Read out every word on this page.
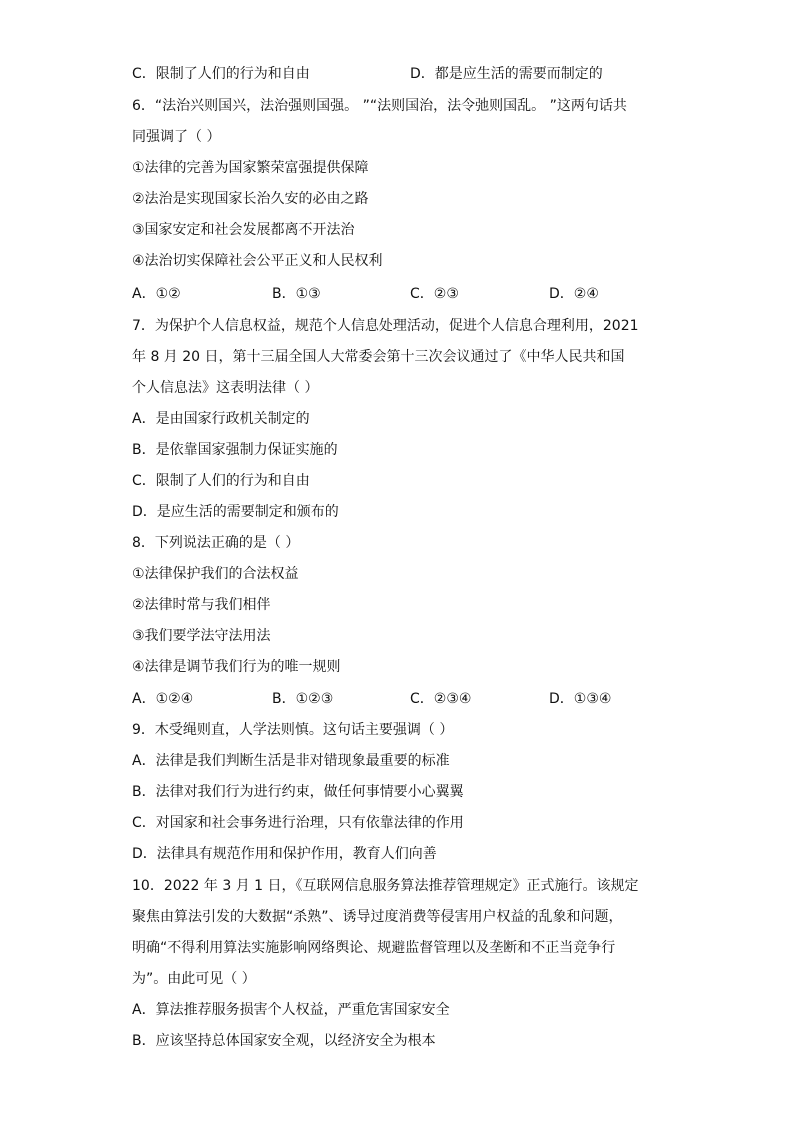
C．限制了人们的行为和自由	D．都是应生活的需要而制定的
6．“法治兴则国兴，法治强则国强。 ”“法则国治，法令弛则国乱。 ”这两句话共
同强调了（ ）
①法律的完善为国家繁荣富强提供保障
②法治是实现国家长治久安的必由之路
③国家安定和社会发展都离不开法治
④法治切实保障社会公平正义和人民权利
A．①②	B．①③	C．②③	D．②④
7．为保护个人信息权益，规范个人信息处理活动，促进个人信息合理利用，2021
年 8 月 20 日，第十三届全国人大常委会第十三次会议通过了《中华人民共和国
个人信息法》这表明法律（ ）
A．是由国家行政机关制定的
B．是依靠国家强制力保证实施的
C．限制了人们的行为和自由
D．是应生活的需要制定和颁布的
8．下列说法正确的是（ ）
①法律保护我们的合法权益
②法律时常与我们相伴
③我们要学法守法用法
④法律是调节我们行为的唯一规则
A．①②④	B．①②③	C．②③④	D．①③④
9．木受绳则直，人学法则慎。这句话主要强调（ ）
A．法律是我们判断生活是非对错现象最重要的标准
B．法律对我们行为进行约束，做任何事情要小心翼翼
C．对国家和社会事务进行治理，只有依靠法律的作用
D．法律具有规范作用和保护作用，教育人们向善
10．2022 年 3 月 1 日，《互联网信息服务算法推荐管理规定》正式施行。该规定
聚焦由算法引发的大数据“杀熟”、诱导过度消费等侵害用户权益的乱象和问题，
明确“不得利用算法实施影响网络舆论、规避监督管理以及垄断和不正当竞争行
为”。由此可见（ ）
A．算法推荐服务损害个人权益，严重危害国家安全
B．应该坚持总体国家安全观，以经济安全为根本
